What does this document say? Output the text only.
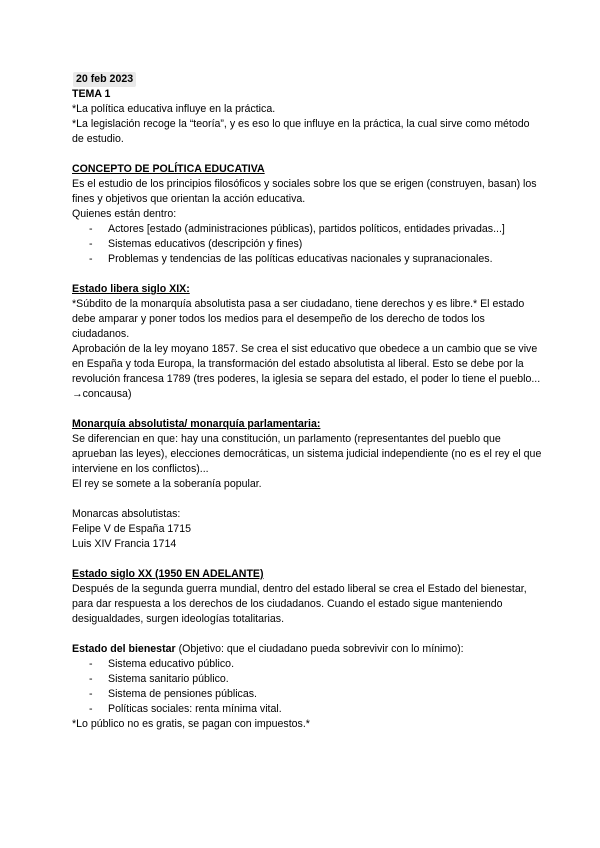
20 feb 2023
TEMA 1

*La política educativa influye en la práctica.

*La legislación recoge la “teoría”, y es eso lo que influye en la práctica, la cual sirve como método de estudio.

CONCEPTO DE POLÍTICA EDUCATIVA

Es el estudio de los principios filosóficos y sociales sobre los que se erigen (construyen, basan) los fines y objetivos que orientan la acción educativa.

Quienes están dentro:

- Actores [estado (administraciones públicas), partidos políticos, entidades privadas...]
- Sistemas educativos (descripción y fines)
- Problemas y tendencias de las políticas educativas nacionales y supranacionales.
Estado libera siglo XIX:

*Súbdito de la monarquía absolutista pasa a ser ciudadano, tiene derechos y es libre.* El estado debe amparar y poner todos los medios para el desempeño de los derecho de todos los ciudadanos.

Aprobación de la ley moyano 1857. Se crea el sist educativo que obedece a un cambio que se vive en España y toda Europa, la transformación del estado absolutista al liberal. Esto se debe por la revolución francesa 1789 (tres poderes, la iglesia se separa del estado, el poder lo tiene el pueblo... →concausa)

Monarquía absolutista/ monarquía parlamentaria:

Se diferencian en que: hay una constitución, un parlamento (representantes del pueblo que aprueban las leyes), elecciones democráticas, un sistema judicial independiente (no es el rey el que interviene en los conflictos)...

El rey se somete a la soberanía popular.

Monarcas absolutistas:

Felipe V de España 1715

Luis XIV Francia 1714

Estado siglo XX (1950 EN ADELANTE)

Después de la segunda guerra mundial, dentro del estado liberal se crea el Estado del bienestar, para dar respuesta a los derechos de los ciudadanos. Cuando el estado sigue manteniendo desigualdades, surgen ideologías totalitarias.

Estado del bienestar (Objetivo: que el ciudadano pueda sobrevivir con lo mínimo):

- Sistema educativo público.
- Sistema sanitario público.
- Sistema de pensiones públicas.
- Políticas sociales: renta mínima vital.

*Lo público no es gratis, se pagan con impuestos.*
